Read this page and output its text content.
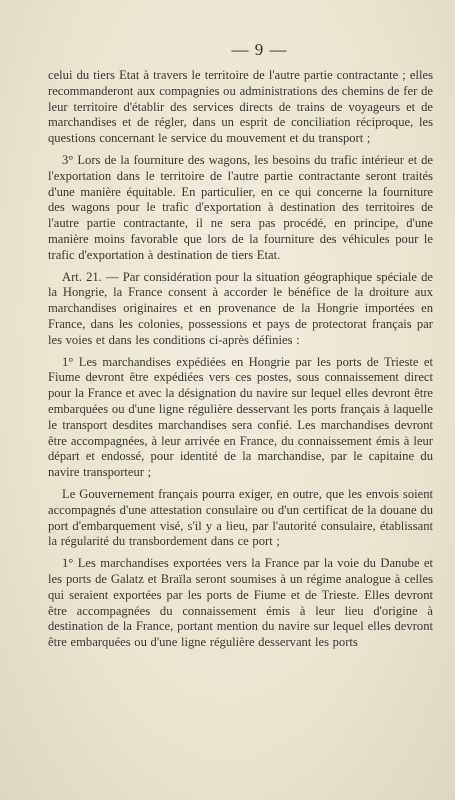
— 9 —

celui du tiers Etat à travers le territoire de l'autre partie contractante ; elles recommanderont aux compagnies ou administrations des chemins de fer de leur territoire d'établir des services directs de trains de voyageurs et de marchandises et de régler, dans un esprit de conciliation réciproque, les questions concernant le service du mouvement et du transport ;

3° Lors de la fourniture des wagons, les besoins du trafic intérieur et de l'exportation dans le territoire de l'autre partie contractante seront traités d'une manière équitable. En particulier, en ce qui concerne la fourniture des wagons pour le trafic d'exportation à destination des territoires de l'autre partie contractante, il ne sera pas procédé, en principe, d'une manière moins favorable que lors de la fourniture des véhicules pour le trafic d'exportation à destination de tiers Etat.

Art. 21. — Par considération pour la situation géographique spéciale de la Hongrie, la France consent à accorder le bénéfice de la droiture aux marchandises originaires et en provenance de la Hongrie importées en France, dans les colonies, possessions et pays de protectorat français par les voies et dans les conditions ci-après définies :

1° Les marchandises expédiées en Hongrie par les ports de Trieste et Fiume devront être expédiées vers ces postes, sous connaissement direct pour la France et avec la désignation du navire sur lequel elles devront être embarquées ou d'une ligne régulière desservant les ports français à laquelle le transport desdites marchandises sera confié. Les marchandises devront être accompagnées, à leur arrivée en France, du connaissement émis à leur départ et endossé, pour identité de la marchandise, par le capitaine du navire transporteur ;

Le Gouvernement français pourra exiger, en outre, que les envois soient accompagnés d'une attestation consulaire ou d'un certificat de la douane du port d'embarquement visé, s'il y a lieu, par l'autorité consulaire, établissant la régularité du transbordement dans ce port ;

1° Les marchandises exportées vers la France par la voie du Danube et les ports de Galatz et Braïla seront soumises à un régime analogue à celles qui seraient exportées par les ports de Fiume et de Trieste. Elles devront être accompagnées du connaissement émis à leur lieu d'origine à destination de la France, portant mention du navire sur lequel elles devront être embarquées ou d'une ligne régulière desservant les ports
